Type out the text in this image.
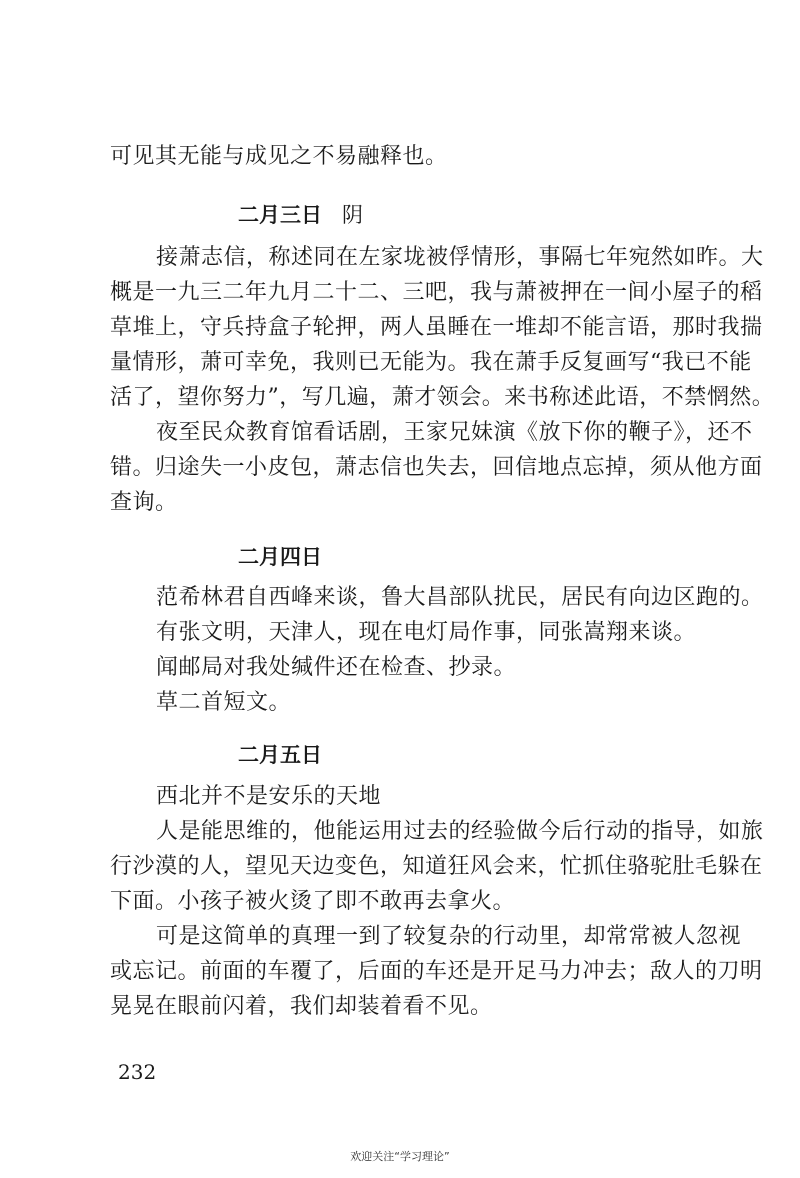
可见其无能与成见之不易融释也。
二月三日 阴
接萧志信，称述同在左家垅被俘情形，事隔七年宛然如昨。大
概是一九三二年九月二十二、三吧，我与萧被押在一间小屋子的稻
草堆上，守兵持盒子轮押，两人虽睡在一堆却不能言语，那时我揣
量情形，萧可幸免，我则已无能为。我在萧手反复画写“我已不能
活了，望你努力”，写几遍，萧才领会。来书称述此语，不禁惘然。
夜至民众教育馆看话剧，王家兄妹演《放下你的鞭子》，还不
错。归途失一小皮包，萧志信也失去，回信地点忘掉，须从他方面
查询。
二月四日
范希林君自西峰来谈，鲁大昌部队扰民，居民有向边区跑的。
有张文明，天津人，现在电灯局作事，同张嵩翔来谈。
闻邮局对我处缄件还在检查、抄录。
草二首短文。
二月五日
西北并不是安乐的天地
人是能思维的，他能运用过去的经验做今后行动的指导，如旅
行沙漠的人，望见天边变色，知道狂风会来，忙抓住骆驼肚毛躲在
下面。小孩子被火烫了即不敢再去拿火。
可是这简单的真理一到了较复杂的行动里，却常常被人忽视
或忘记。前面的车覆了，后面的车还是开足马力冲去；敌人的刀明
晃晃在眼前闪着，我们却装着看不见。
232
欢迎关注“学习理论”
